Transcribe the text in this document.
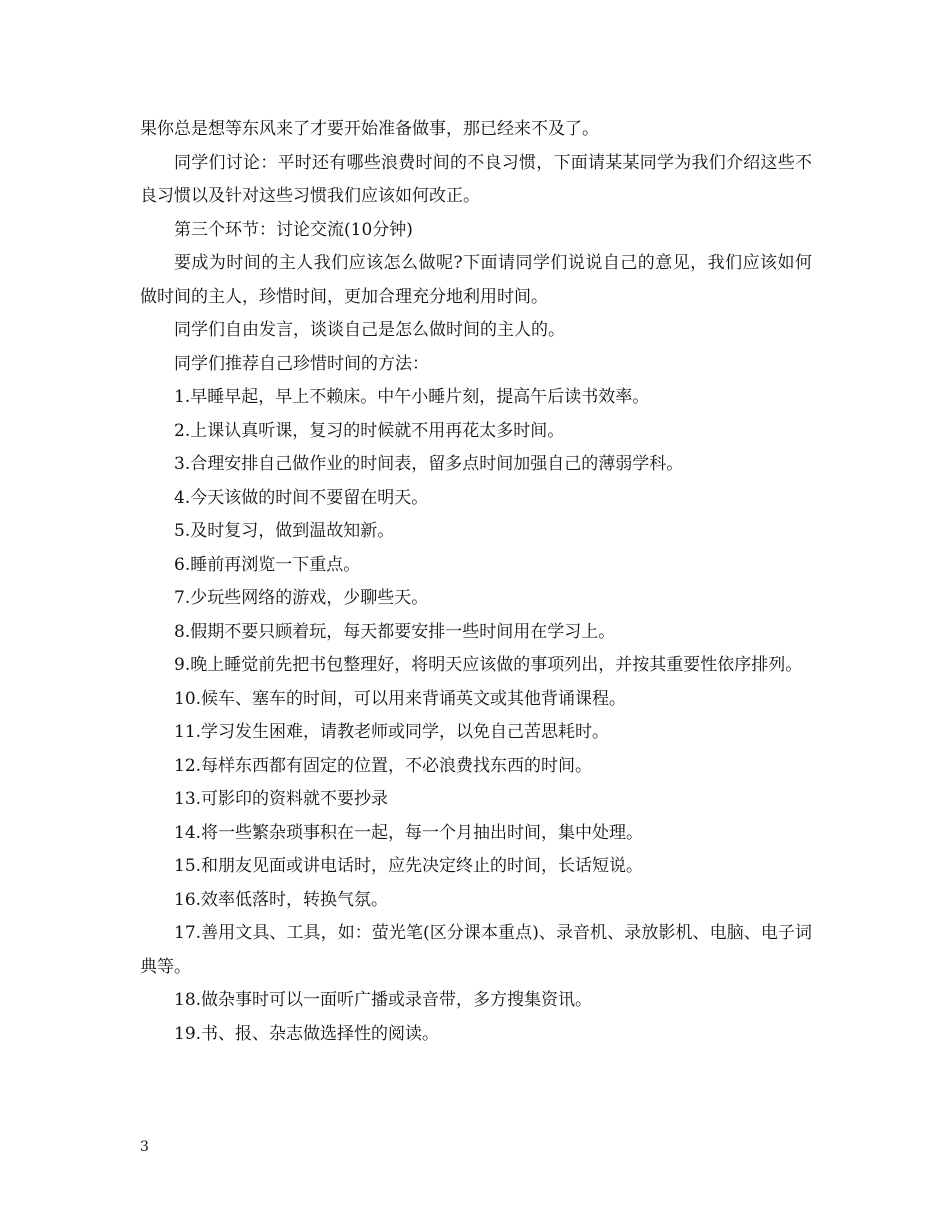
果你总是想等东风来了才要开始准备做事，那已经来不及了。

同学们讨论：平时还有哪些浪费时间的不良习惯，下面请某某同学为我们介绍这些不良习惯以及针对这些习惯我们应该如何改正。

第三个环节：讨论交流(10分钟)

要成为时间的主人我们应该怎么做呢?下面请同学们说说自己的意见，我们应该如何做时间的主人，珍惜时间，更加合理充分地利用时间。

同学们自由发言，谈谈自己是怎么做时间的主人的。

同学们推荐自己珍惜时间的方法：

1.早睡早起，早上不赖床。中午小睡片刻，提高午后读书效率。

2.上课认真听课，复习的时候就不用再花太多时间。

3.合理安排自己做作业的时间表，留多点时间加强自己的薄弱学科。

4.今天该做的时间不要留在明天。

5.及时复习，做到温故知新。

6.睡前再浏览一下重点。

7.少玩些网络的游戏，少聊些天。

8.假期不要只顾着玩，每天都要安排一些时间用在学习上。

9.晚上睡觉前先把书包整理好，将明天应该做的事项列出，并按其重要性依序排列。

10.候车、塞车的时间，可以用来背诵英文或其他背诵课程。

11.学习发生困难，请教老师或同学，以免自己苦思耗时。

12.每样东西都有固定的位置，不必浪费找东西的时间。

13.可影印的资料就不要抄录

14.将一些繁杂琐事积在一起，每一个月抽出时间，集中处理。

15.和朋友见面或讲电话时，应先决定终止的时间，长话短说。

16.效率低落时，转换气氛。

17.善用文具、工具，如：萤光笔(区分课本重点)、录音机、录放影机、电脑、电子词典等。

18.做杂事时可以一面听广播或录音带，多方搜集资讯。

19.书、报、杂志做选择性的阅读。

3
